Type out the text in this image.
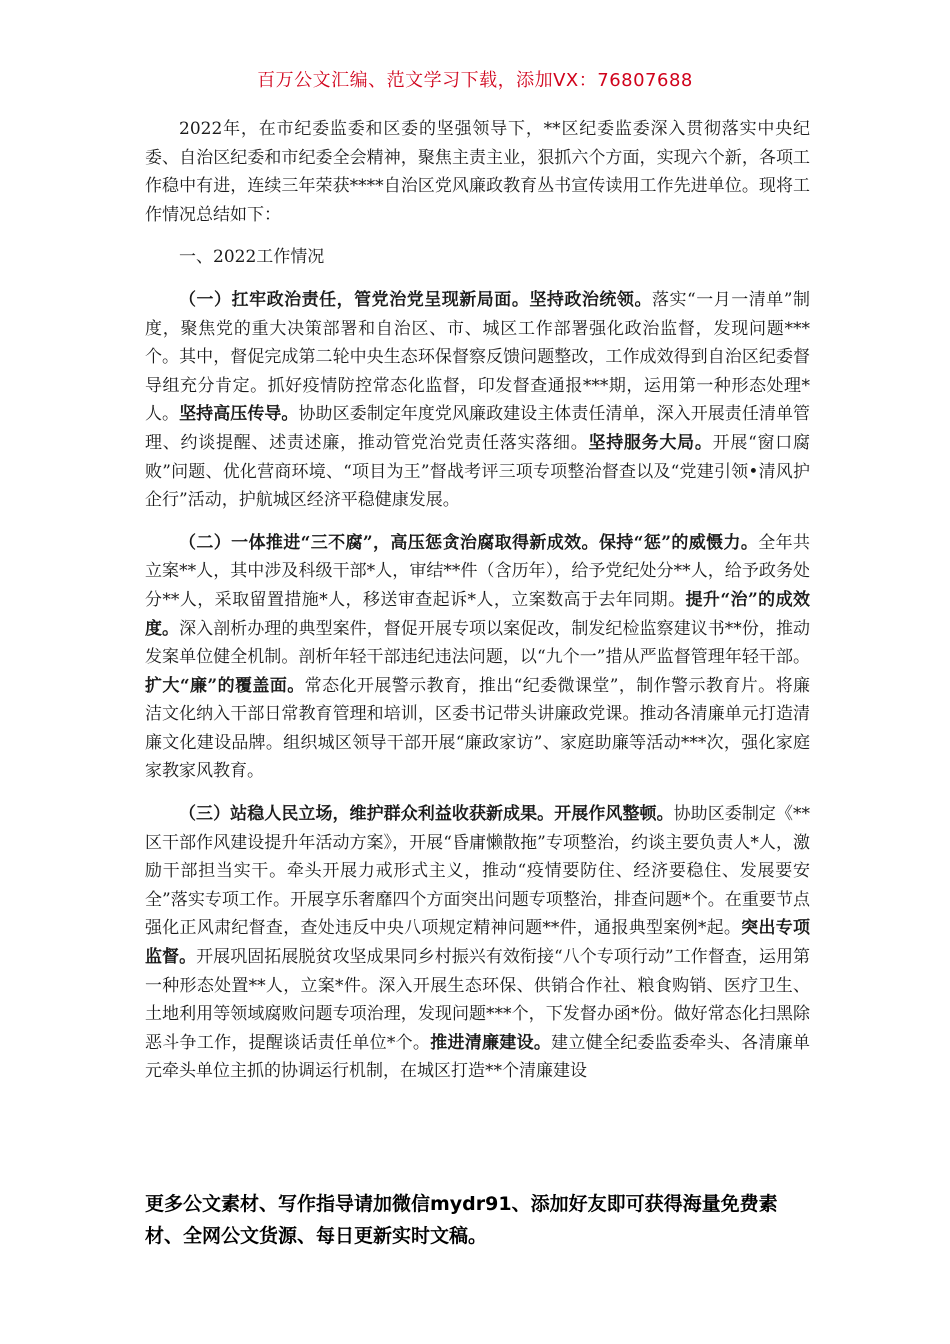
百万公文汇编、范文学习下载，添加VX：76807688

2022年，在市纪委监委和区委的坚强领导下，**区纪委监委深入贯彻落实中央纪委、自治区纪委和市纪委全会精神，聚焦主责主业，狠抓六个方面，实现六个新，各项工作稳中有进，连续三年荣获****自治区党风廉政教育丛书宣传读用工作先进单位。现将工作情况总结如下：

一、2022工作情况

（一）扛牢政治责任，管党治党呈现新局面。坚持政治统领。落实“一月一清单”制度，聚焦党的重大决策部署和自治区、市、城区工作部署强化政治监督，发现问题***个。其中，督促完成第二轮中央生态环保督察反馈问题整改，工作成效得到自治区纪委督导组充分肯定。抓好疫情防控常态化监督，印发督查通报***期，运用第一种形态处理*人。坚持高压传导。协助区委制定年度党风廉政建设主体责任清单，深入开展责任清单管理、约谈提醒、述责述廉，推动管党治党责任落实落细。坚持服务大局。开展“窗口腐败”问题、优化营商环境、“项目为王”督战考评三项专项整治督查以及“党建引领•清风护企行”活动，护航城区经济平稳健康发展。

（二）一体推进“三不腐”，高压惩贪治腐取得新成效。保持“惩”的威慑力。全年共立案**人，其中涉及科级干部*人，审结**件（含历年），给予党纪处分**人，给予政务处分**人，采取留置措施*人，移送审查起诉*人，立案数高于去年同期。提升“治”的成效度。深入剖析办理的典型案件，督促开展专项以案促改，制发纪检监察建议书**份，推动发案单位健全机制。剖析年轻干部违纪违法问题，以“九个一”措从严监督管理年轻干部。扩大“廉”的覆盖面。常态化开展警示教育，推出“纪委微课堂”，制作警示教育片。将廉洁文化纳入干部日常教育管理和培训，区委书记带头讲廉政党课。推动各清廉单元打造清廉文化建设品牌。组织城区领导干部开展“廉政家访”、家庭助廉等活动***次，强化家庭家教家风教育。

（三）站稳人民立场，维护群众利益收获新成果。开展作风整顿。协助区委制定《**区干部作风建设提升年活动方案》，开展“昏庸懒散拖”专项整治，约谈主要负责人*人，激励干部担当实干。牵头开展力戒形式主义，推动“疫情要防住、经济要稳住、发展要安全”落实专项工作。开展享乐奢靡四个方面突出问题专项整治，排查问题*个。在重要节点强化正风肃纪督查，查处违反中央八项规定精神问题**件，通报典型案例*起。突出专项监督。开展巩固拓展脱贫攻坚成果同乡村振兴有效衔接“八个专项行动”工作督查，运用第一种形态处置**人，立案*件。深入开展生态环保、供销合作社、粮食购销、医疗卫生、土地利用等领域腐败问题专项治理，发现问题***个，下发督办函*份。做好常态化扫黑除恶斗争工作，提醒谈话责任单位*个。推进清廉建设。建立健全纪委监委牵头、各清廉单元牵头单位主抓的协调运行机制，在城区打造**个清廉建设

更多公文素材、写作指导请加微信mydr91、添加好友即可获得海量免费素材、全网公文货源、每日更新实时文稿。
